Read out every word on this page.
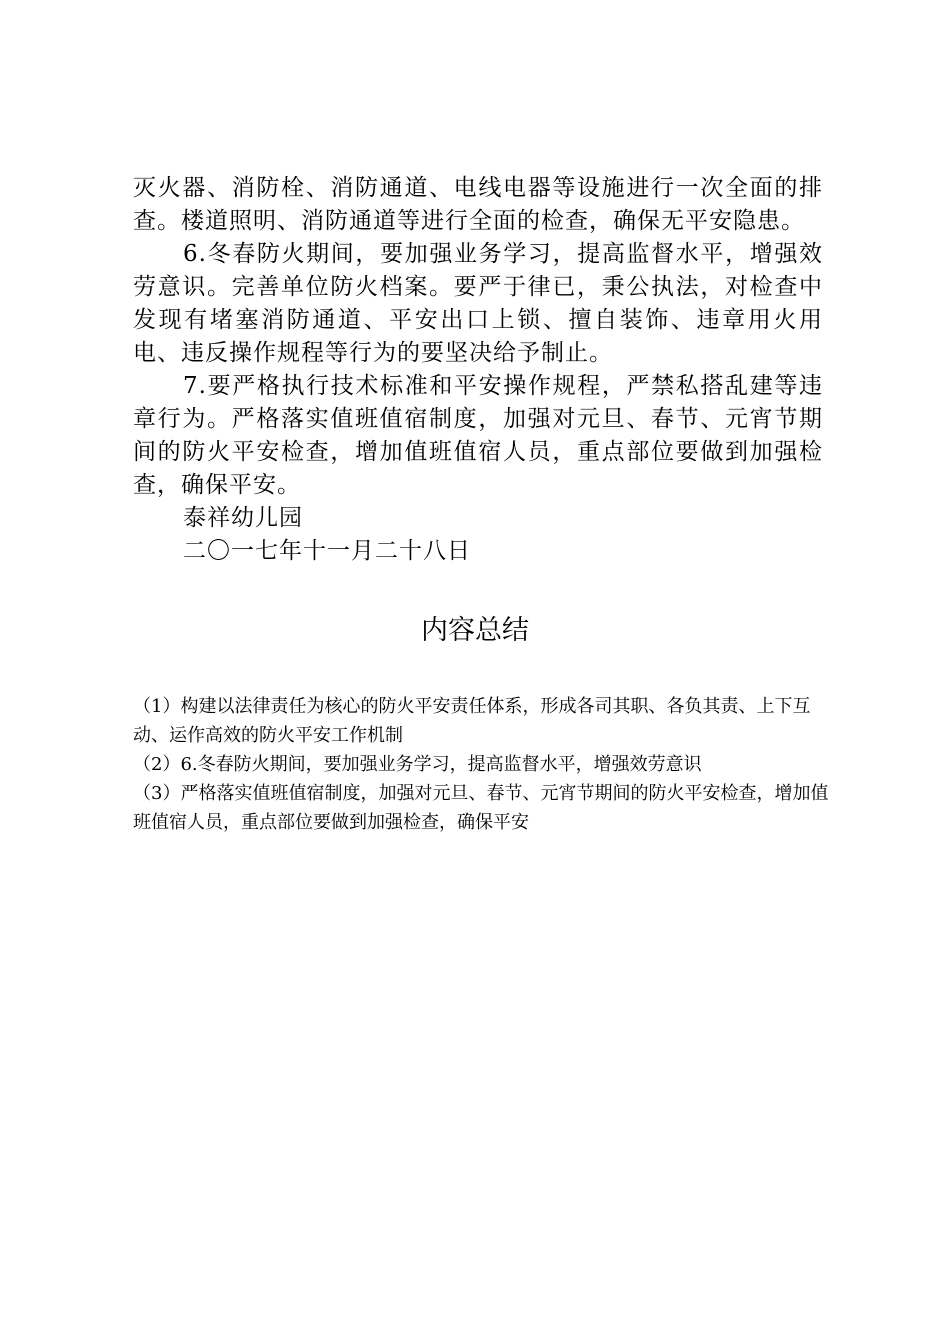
灭火器、消防栓、消防通道、电线电器等设施进行一次全面的排查。楼道照明、消防通道等进行全面的检查，确保无平安隐患。

6.冬春防火期间，要加强业务学习，提高监督水平，增强效劳意识。完善单位防火档案。要严于律已，秉公执法，对检查中发现有堵塞消防通道、平安出口上锁、擅自装饰、违章用火用电、违反操作规程等行为的要坚决给予制止。

7.要严格执行技术标准和平安操作规程，严禁私搭乱建等违章行为。严格落实值班值宿制度，加强对元旦、春节、元宵节期间的防火平安检查，增加值班值宿人员，重点部位要做到加强检查，确保平安。

泰祥幼儿园

二〇一七年十一月二十八日

内容总结

（1）构建以法律责任为核心的防火平安责任体系，形成各司其职、各负其责、上下互动、运作高效的防火平安工作机制

（2）6.冬春防火期间，要加强业务学习，提高监督水平，增强效劳意识

（3）严格落实值班值宿制度，加强对元旦、春节、元宵节期间的防火平安检查，增加值班值宿人员，重点部位要做到加强检查，确保平安
